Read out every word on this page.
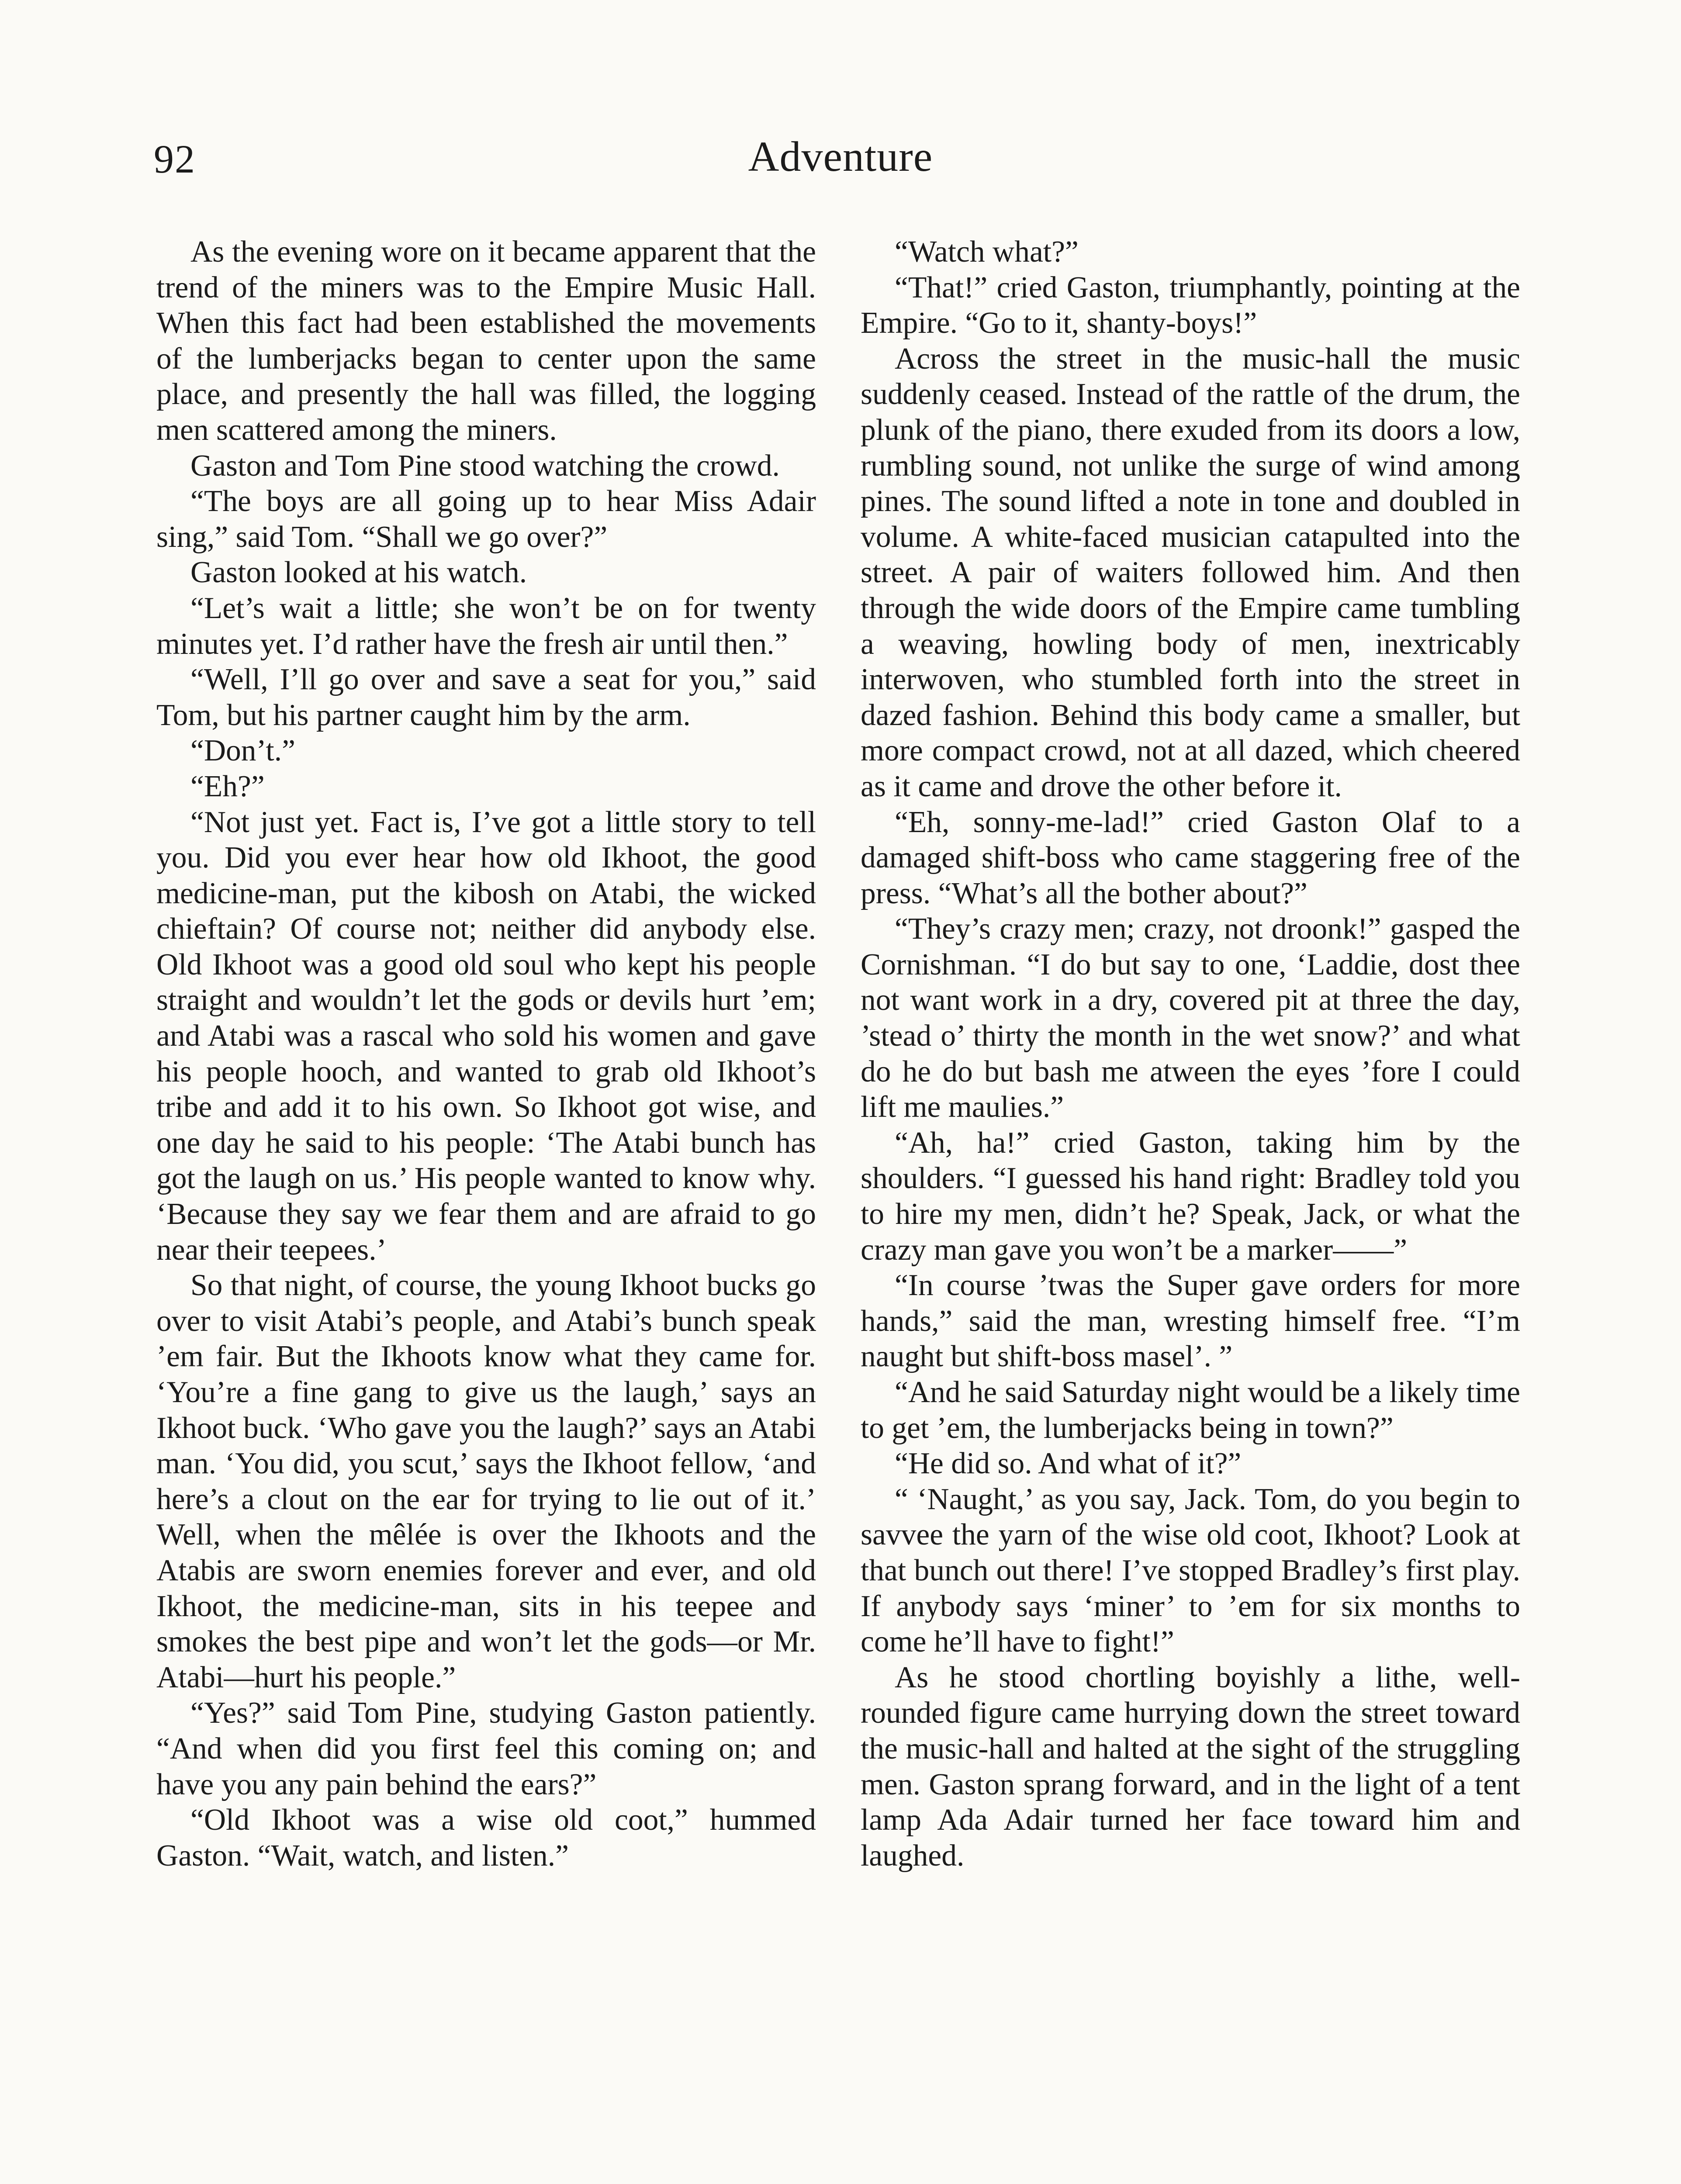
92	Adventure

As the evening wore on it became apparent that the trend of the miners was to the Empire Music Hall. When this fact had been established the movements of the lumberjacks began to center upon the same place, and presently the hall was filled, the logging men scattered among the miners.

Gaston and Tom Pine stood watching the crowd.

“The boys are all going up to hear Miss Adair sing,” said Tom. “Shall we go over?”

Gaston looked at his watch.

“Let’s wait a little; she won’t be on for twenty minutes yet. I’d rather have the fresh air until then.”

“Well, I’ll go over and save a seat for you,” said Tom, but his partner caught him by the arm.

“Don’t.”

“Eh?”

“Not just yet. Fact is, I’ve got a little story to tell you. Did you ever hear how old Ikhoot, the good medicine-man, put the kibosh on Atabi, the wicked chieftain? Of course not; neither did anybody else. Old Ikhoot was a good old soul who kept his people straight and wouldn’t let the gods or devils hurt ’em; and Atabi was a rascal who sold his women and gave his people hooch, and wanted to grab old Ikhoot’s tribe and add it to his own. So Ikhoot got wise, and one day he said to his people: ‘The Atabi bunch has got the laugh on us.’ His people wanted to know why. ‘Because they say we fear them and are afraid to go near their teepees.’

So that night, of course, the young Ikhoot bucks go over to visit Atabi’s people, and Atabi’s bunch speak ’em fair. But the Ikhoots know what they came for. ‘You’re a fine gang to give us the laugh,’ says an Ikhoot buck. ‘Who gave you the laugh?’ says an Atabi man. ‘You did, you scut,’ says the Ikhoot fellow, ‘and here’s a clout on the ear for trying to lie out of it.’ Well, when the mêlée is over the Ikhoots and the Atabis are sworn enemies forever and ever, and old Ikhoot, the medicine-man, sits in his teepee and smokes the best pipe and won’t let the gods—or Mr. Atabi—hurt his people.”

“Yes?” said Tom Pine, studying Gaston patiently. “And when did you first feel this coming on; and have you any pain behind the ears?”

“Old Ikhoot was a wise old coot,” hummed Gaston. “Wait, watch, and listen.”

“Watch what?”

“That!” cried Gaston, triumphantly, pointing at the Empire. “Go to it, shanty-boys!”

Across the street in the music-hall the music suddenly ceased. Instead of the rattle of the drum, the plunk of the piano, there exuded from its doors a low, rumbling sound, not unlike the surge of wind among pines. The sound lifted a note in tone and doubled in volume. A white-faced musician catapulted into the street. A pair of waiters followed him. And then through the wide doors of the Empire came tumbling a weaving, howling body of men, inextricably interwoven, who stumbled forth into the street in dazed fashion. Behind this body came a smaller, but more compact crowd, not at all dazed, which cheered as it came and drove the other before it.

“Eh, sonny-me-lad!” cried Gaston Olaf to a damaged shift-boss who came staggering free of the press. “What’s all the bother about?”

“They’s crazy men; crazy, not droonk!” gasped the Cornishman. “I do but say to one, ‘Laddie, dost thee not want work in a dry, covered pit at three the day, ’stead o’ thirty the month in the wet snow?’ and what do he do but bash me atween the eyes ’fore I could lift me maulies.”

“Ah, ha!” cried Gaston, taking him by the shoulders. “I guessed his hand right: Bradley told you to hire my men, didn’t he? Speak, Jack, or what the crazy man gave you won’t be a marker——”

“In course ’twas the Super gave orders for more hands,” said the man, wresting himself free. “I’m naught but shift-boss masel’. ”

“And he said Saturday night would be a likely time to get ’em, the lumberjacks being in town?”

“He did so. And what of it?”

“ ‘Naught,’ as you say, Jack. Tom, do you begin to savvee the yarn of the wise old coot, Ikhoot? Look at that bunch out there! I’ve stopped Bradley’s first play. If anybody says ‘miner’ to ’em for six months to come he’ll have to fight!”

As he stood chortling boyishly a lithe, well-rounded figure came hurrying down the street toward the music-hall and halted at the sight of the struggling men. Gaston sprang forward, and in the light of a tent lamp Ada Adair turned her face toward him and laughed.
